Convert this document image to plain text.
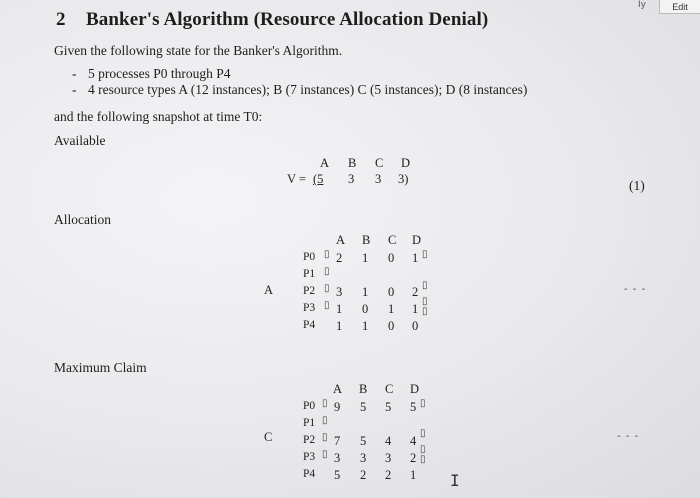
Iy	Edit
2 Banker's Algorithm (Resource Allocation Denial)
Given the following state for the Banker's Algorithm.
- 5 processes P0 through P4
- 4 resource types A (12 instances); B (7 instances) C (5 instances); D (8 instances)
and the following snapshot at time T0:
Available
A B C D
V = (5 3 3 3)	(1)
Allocation
A B C D
A
P0
P1
P2
P3
P4
▯
▯
▯
▯
2 1 0 1 ▯
▯
▯
▯
3 1 0 2
1 0 1 1
1 1 0 0
- - -
Maximum Claim
A B C D
C
P0
P1
P2
P3
P4
▯
▯
▯
▯
9 5 5 5 ▯
▯
▯
▯
7 5 4 4
3 3 3 2
5 2 2 1
- - -
I
